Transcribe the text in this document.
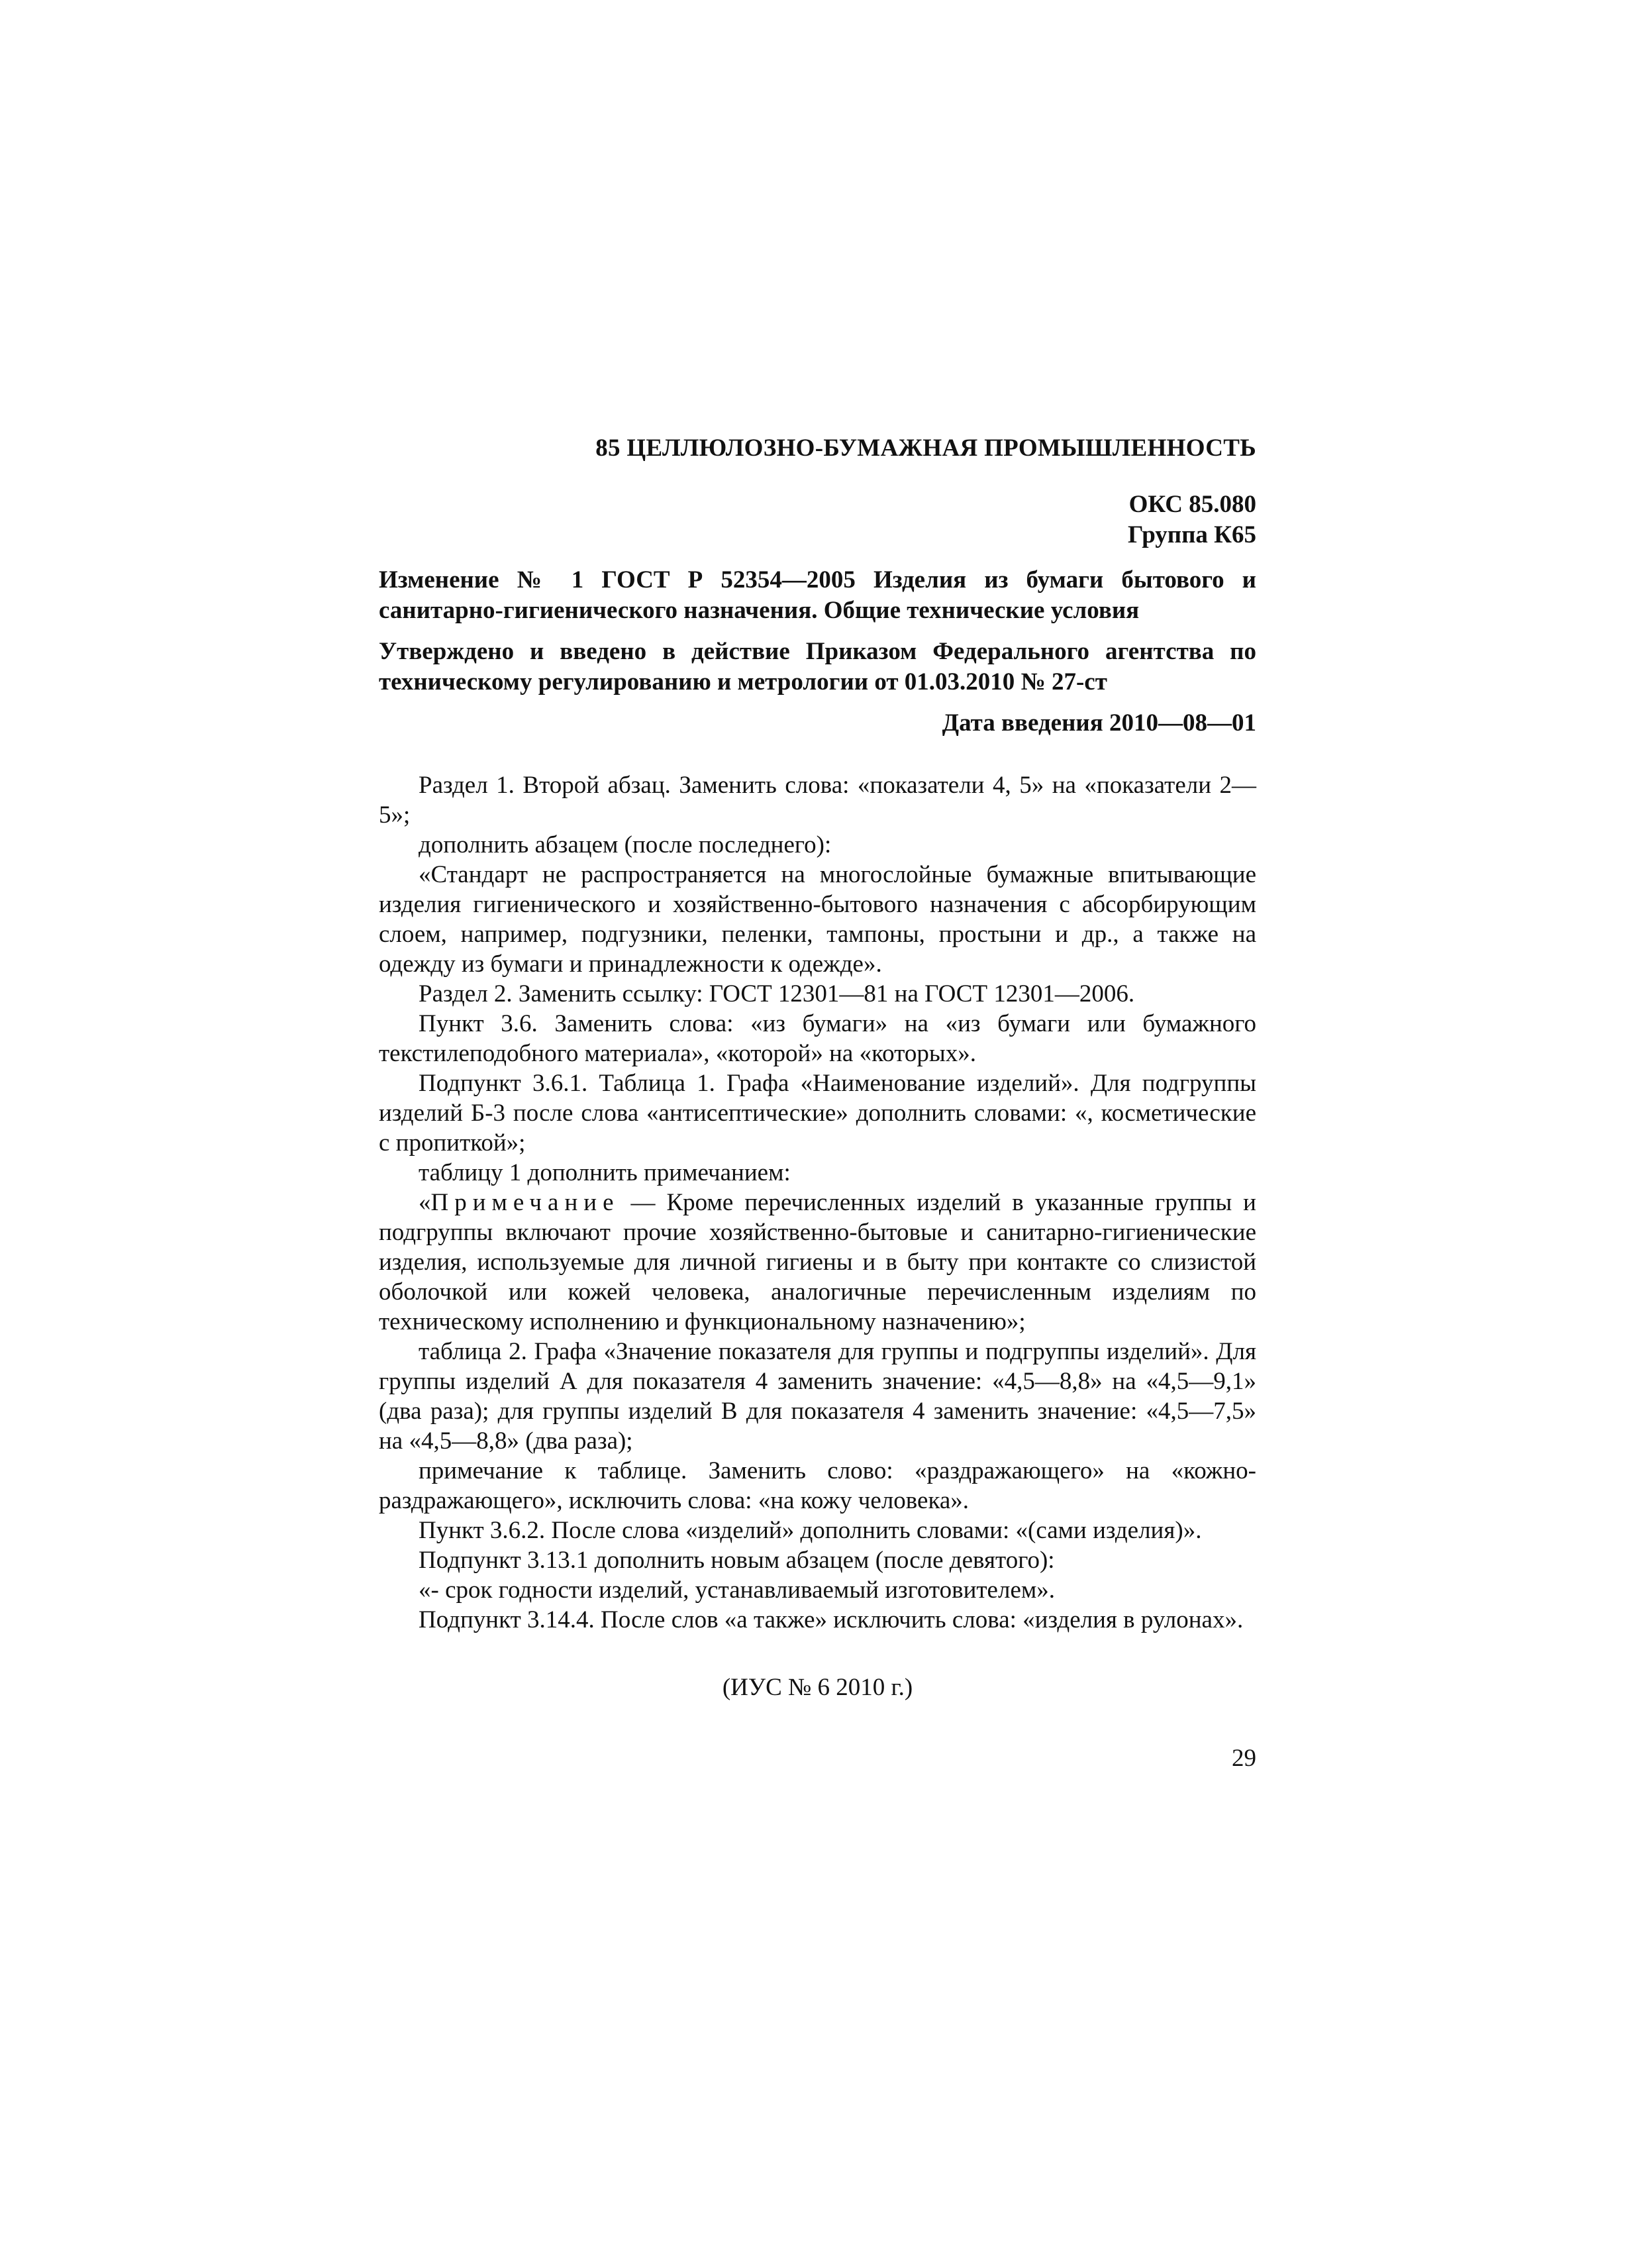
85 ЦЕЛЛЮЛОЗНО-БУМАЖНАЯ ПРОМЫШЛЕННОСТЬ
ОКС 85.080
Группа К65
Изменение № 1 ГОСТ Р 52354—2005 Изделия из бумаги бытового и санитарно-гигиенического назначения. Общие технические условия
Утверждено и введено в действие Приказом Федерального агентства по техническому регулированию и метрологии от 01.03.2010 № 27-ст
Дата введения 2010—08—01

Раздел 1. Второй абзац. Заменить слова: «показатели 4, 5» на «показатели 2—5»;

дополнить абзацем (после последнего):

«Стандарт не распространяется на многослойные бумажные впитывающие изделия гигиенического и хозяйственно-бытового назначения с абсорбирующим слоем, например, подгузники, пеленки, тампоны, простыни и др., а также на одежду из бумаги и принадлежности к одежде».

Раздел 2. Заменить ссылку: ГОСТ 12301—81 на ГОСТ 12301—2006.

Пункт 3.6. Заменить слова: «из бумаги» на «из бумаги или бумажного текстилеподобного материала», «которой» на «которых».

Подпункт 3.6.1. Таблица 1. Графа «Наименование изделий». Для подгруппы изделий Б-3 после слова «антисептические» дополнить словами: «, косметические с пропиткой»;

таблицу 1 дополнить примечанием:

«Примечание — Кроме перечисленных изделий в указанные группы и подгруппы включают прочие хозяйственно-бытовые и санитарно-гигиенические изделия, используемые для личной гигиены и в быту при контакте со слизистой оболочкой или кожей человека, аналогичные перечисленным изделиям по техническому исполнению и функциональному назначению»;

таблица 2. Графа «Значение показателя для группы и подгруппы изделий». Для группы изделий А для показателя 4 заменить значение: «4,5—8,8» на «4,5—9,1» (два раза); для группы изделий В для показателя 4 заменить значение: «4,5—7,5» на «4,5—8,8» (два раза);

примечание к таблице. Заменить слово: «раздражающего» на «кожно-раздражающего», исключить слова: «на кожу человека».

Пункт 3.6.2. После слова «изделий» дополнить словами: «(сами изделия)».

Подпункт 3.13.1 дополнить новым абзацем (после девятого):

«- срок годности изделий, устанавливаемый изготовителем».

Подпункт 3.14.4. После слов «а также» исключить слова: «изделия в рулонах».

(ИУС № 6 2010 г.)
29
